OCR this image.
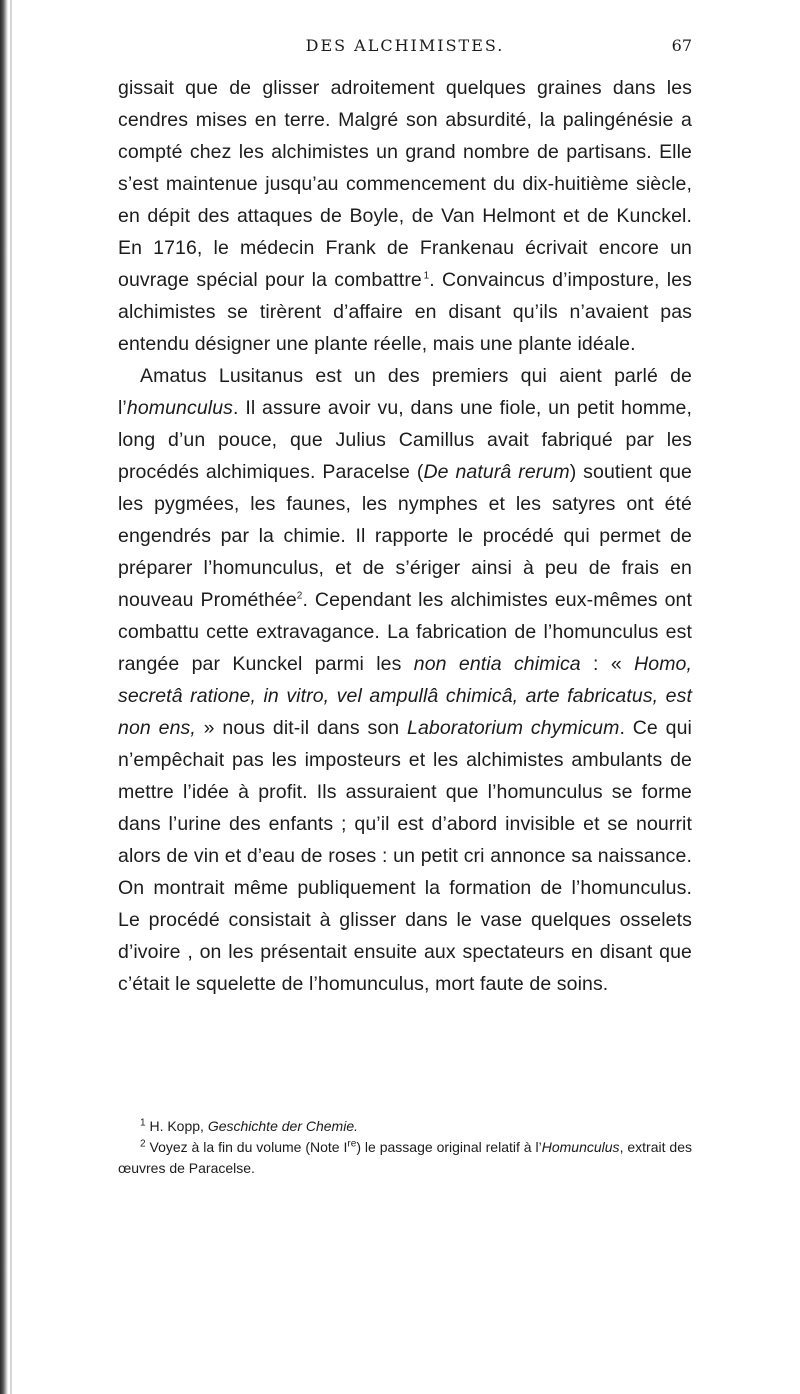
DES ALCHIMISTES.	67

gissait que de glisser adroitement quelques graines dans les cendres mises en terre. Malgré son absurdité, la palingénésie a compté chez les alchimistes un grand nombre de partisans. Elle s’est maintenue jusqu’au commencement du dix-huitième siècle, en dépit des attaques de Boyle, de Van Helmont et de Kunckel. En 1716, le médecin Frank de Frankenau écrivait encore un ouvrage spécial pour la combattre  $^1$. Convaincus d’imposture, les alchimistes se tirèrent d’affaire en disant qu’ils n’avaient pas entendu désigner une plante réelle, mais une plante idéale.

Amatus Lusitanus est un des premiers qui aient parlé de l’homunculus. Il assure avoir vu, dans une fiole, un petit homme, long d’un pouce, que Julius Camillus avait fabriqué par les procédés alchimiques. Paracelse (De naturâ rerum) soutient que les pygmées, les faunes, les nymphes et les satyres ont été engendrés par la chimie. Il rapporte le procédé qui permet de préparer l’homunculus, et de s’ériger ainsi à peu de frais en nouveau Prométhée$^2$. Cependant les alchimistes eux-mêmes ont combattu cette extravagance. La fabrication de l’homunculus est rangée par Kunckel parmi les non entia chimica : « Homo, secretâ ratione, in vitro, vel ampullâ chimicâ, arte fabricatus, est non ens, » nous dit-il dans son Laboratorium chymicum. Ce qui n’empêchait pas les imposteurs et les alchimistes ambulants de mettre l’idée à profit. Ils assuraient que l’homunculus se forme dans l’urine des enfants ; qu’il est d’abord invisible et se nourrit alors de vin et d’eau de roses : un petit cri annonce sa naissance. On montrait même publiquement la formation de l’homunculus. Le procédé consistait à glisser dans le vase quelques osselets d’ivoire , on les présentait ensuite aux spectateurs en disant que c’était le squelette de l’homunculus, mort faute de soins.

$^1$ H. Kopp, Geschichte der Chemie.

$^2$ Voyez à la fin du volume (Note Ire) le passage original relatif à l’Homunculus, extrait des œuvres de Paracelse.
